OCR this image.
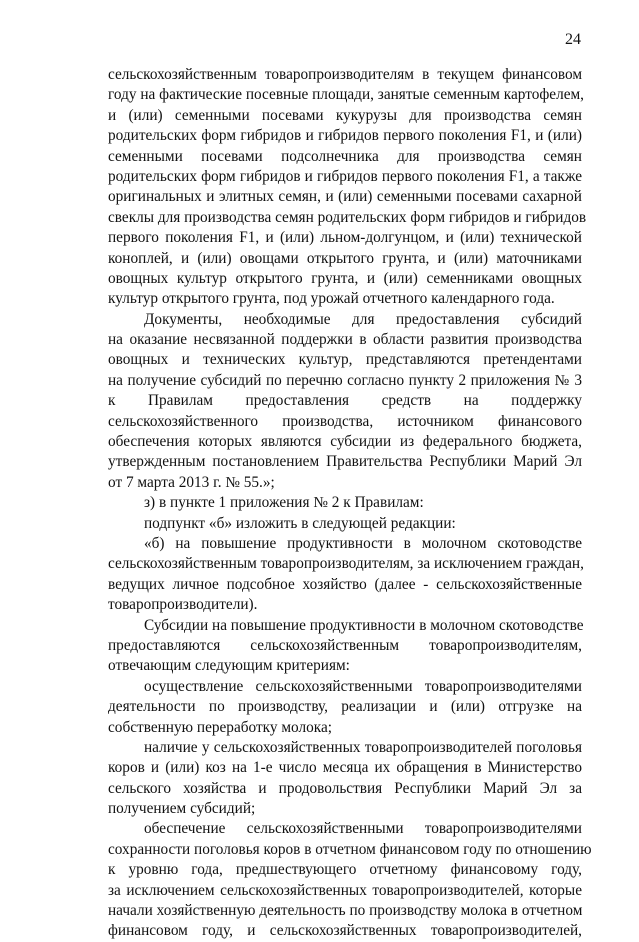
24
сельскохозяйственным товаропроизводителям в текущем финансовом
году на фактические посевные площади, занятые семенным картофелем,
и (или) семенными посевами кукурузы для производства семян
родительских форм гибридов и гибридов первого поколения F1, и (или)
семенными посевами подсолнечника для производства семян
родительских форм гибридов и гибридов первого поколения F1, а также
оригинальных и элитных семян, и (или) семенными посевами сахарной
свеклы для производства семян родительских форм гибридов и гибридов
первого поколения F1, и (или) льном-долгунцом, и (или) технической
коноплей, и (или) овощами открытого грунта, и (или) маточниками
овощных культур открытого грунта, и (или) семенниками овощных
культур открытого грунта, под урожай отчетного календарного года.
Документы, необходимые для предоставления субсидий
на оказание несвязанной поддержки в области развития производства
овощных и технических культур, представляются претендентами
на получение субсидий по перечню согласно пункту 2 приложения № 3
к Правилам предоставления средств на поддержку
сельскохозяйственного производства, источником финансового
обеспечения которых являются субсидии из федерального бюджета,
утвержденным постановлением Правительства Республики Марий Эл
от 7 марта 2013 г. № 55.»;
з) в пункте 1 приложения № 2 к Правилам:
подпункт «б» изложить в следующей редакции:
«б) на повышение продуктивности в молочном скотоводстве
сельскохозяйственным товаропроизводителям, за исключением граждан,
ведущих личное подсобное хозяйство (далее - сельскохозяйственные
товаропроизводители).
Субсидии на повышение продуктивности в молочном скотоводстве
предоставляются сельскохозяйственным товаропроизводителям,
отвечающим следующим критериям:
осуществление сельскохозяйственными товаропроизводителями
деятельности по производству, реализации и (или) отгрузке на
собственную переработку молока;
наличие у сельскохозяйственных товаропроизводителей поголовья
коров и (или) коз на 1-е число месяца их обращения в Министерство
сельского хозяйства и продовольствия Республики Марий Эл за
получением субсидий;
обеспечение сельскохозяйственными товаропроизводителями
сохранности поголовья коров в отчетном финансовом году по отношению
к уровню года, предшествующего отчетному финансовому году,
за исключением сельскохозяйственных товаропроизводителей, которые
начали хозяйственную деятельность по производству молока в отчетном
финансовом году, и сельскохозяйственных товаропроизводителей,
